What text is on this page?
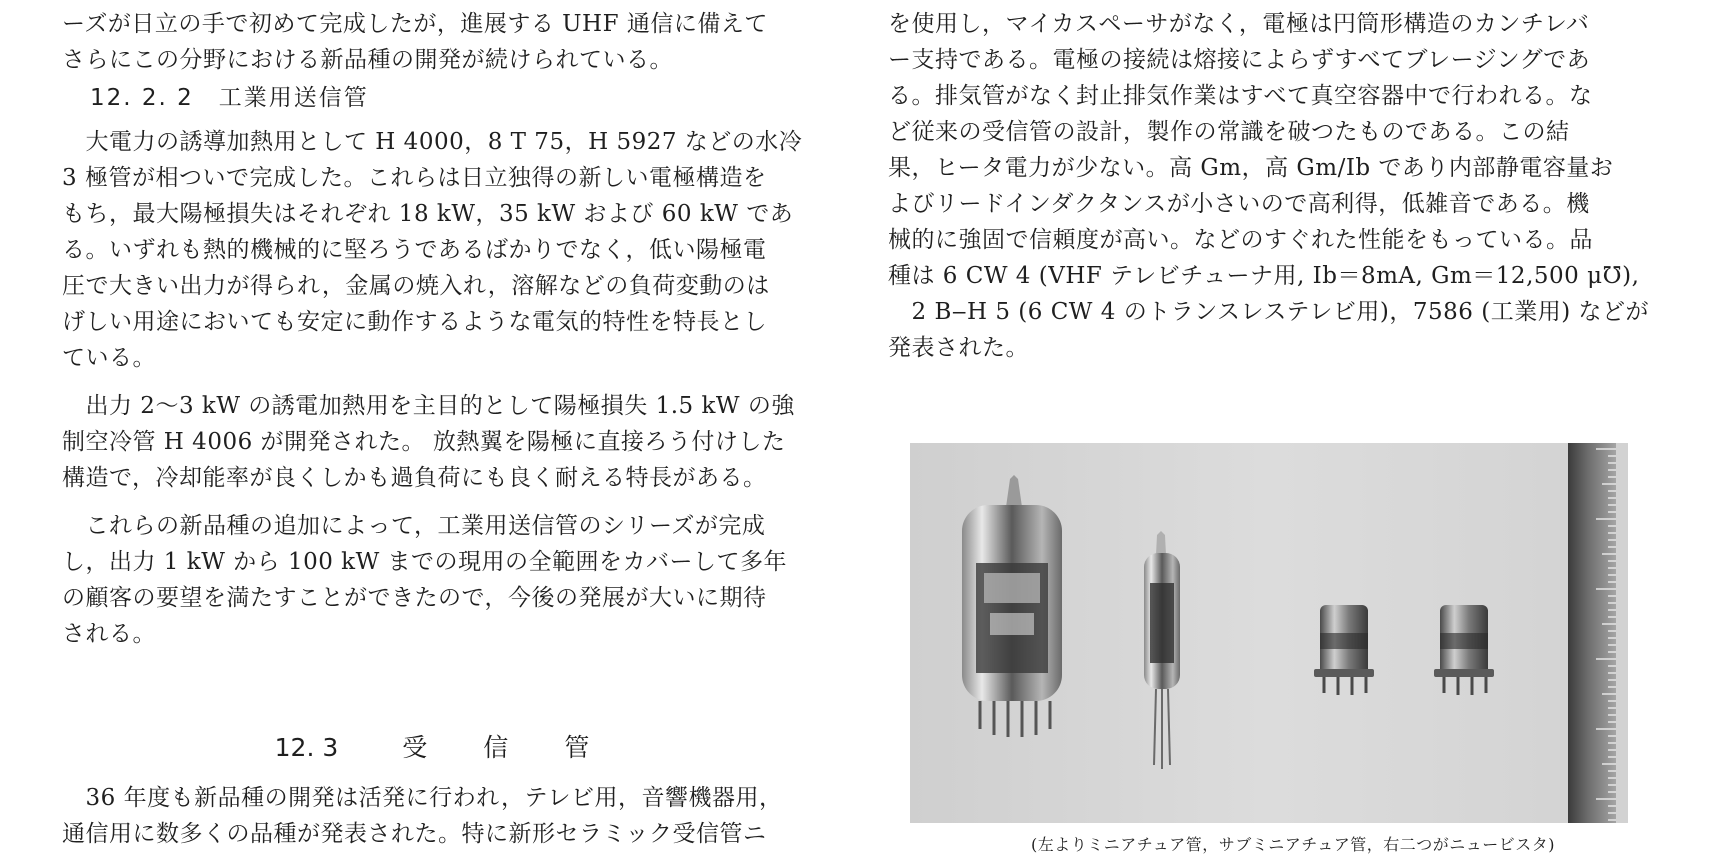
ーズが日立の手で初めて完成したが，進展する UHF 通信に備えて
さらにこの分野における新品種の開発が続けられている。
12. 2. 2　工業用送信管
　大電力の誘導加熱用として H 4000，8 T 75，H 5927 などの水冷
3 極管が相ついで完成した。これらは日立独得の新しい電極構造を
もち，最大陽極損失はそれぞれ 18 kW，35 kW および 60 kW であ
る。いずれも熱的機械的に堅ろうであるばかりでなく，低い陽極電
圧で大きい出力が得られ，金属の焼入れ，溶解などの負荷変動のは
げしい用途においても安定に動作するような電気的特性を特長とし
ている。
　出力 2～3 kW の誘電加熱用を主目的として陽極損失 1.5 kW の強
制空冷管 H 4006 が開発された。 放熱翼を陽極に直接ろう付けした
構造で，冷却能率が良くしかも過負荷にも良く耐える特長がある。
　これらの新品種の追加によって，工業用送信管のシリーズが完成
し，出力 1 kW から 100 kW までの現用の全範囲をカバーして多年
の顧客の要望を満たすことができたので，今後の発展が大いに期待
される。
12. 3	受 信 管
　36 年度も新品種の開発は活発に行われ，テレビ用，音響機器用，
通信用に数多くの品種が発表された。特に新形セラミック受信管ニ
を使用し，マイカスペーサがなく，電極は円筒形構造のカンチレバ
ー支持である。電極の接続は熔接によらずすべてブレージングであ
る。排気管がなく封止排気作業はすべて真空容器中で行われる。な
ど従来の受信管の設計，製作の常識を破つたものである。この結
果，ヒータ電力が少ない。高 Gm，高 Gm/Ib であり内部静電容量お
よびリードインダクタンスが小さいので高利得，低雑音である。機
械的に強固で信頼度が高い。などのすぐれた性能をもっている。品
種は 6 CW 4 (VHF テレビチューナ用, Ib＝8mA, Gm＝12,500 μ℧),
　2 B‒H 5 (6 CW 4 のトランスレステレビ用)，7586 (工業用) などが
発表された。
(左よりミニアチュア管，サブミニアチュア管，右二つがニュービスタ)
